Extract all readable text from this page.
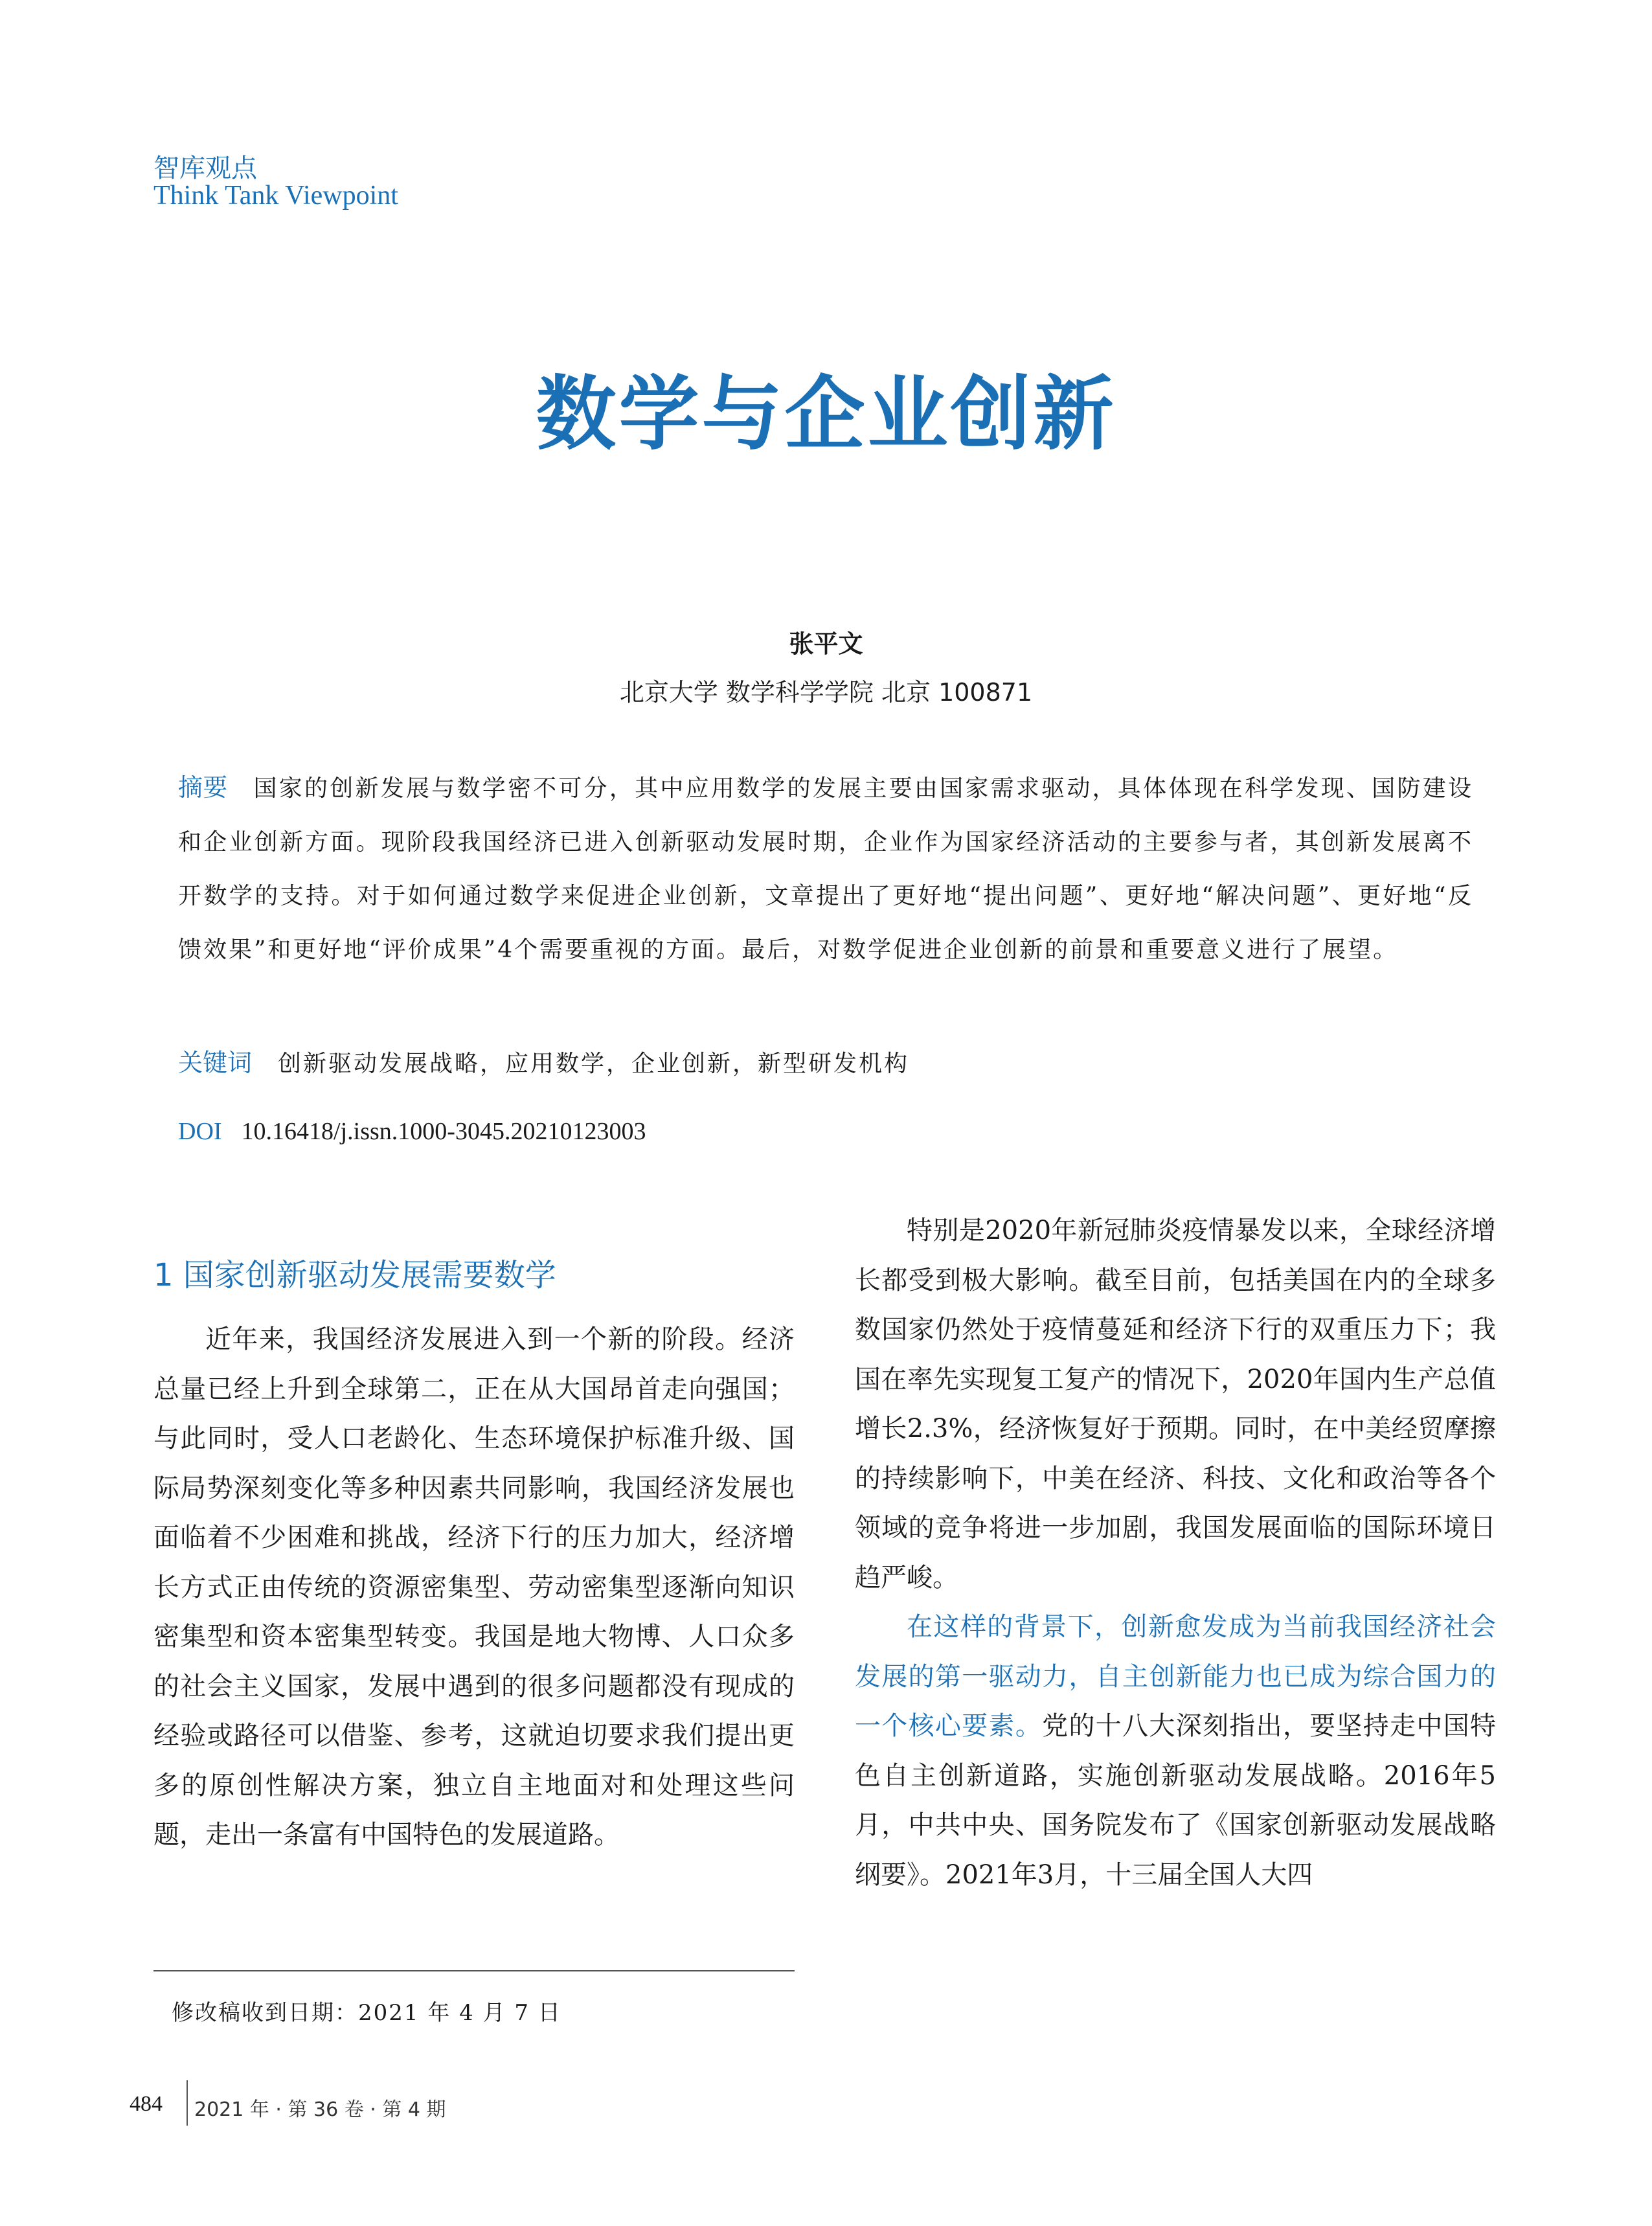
智库观点
Think Tank Viewpoint
数学与企业创新
张平文
北京大学 数学科学学院 北京 100871
摘要 国家的创新发展与数学密不可分，其中应用数学的发展主要由国家需求驱动，具体体现在科学发现、国防建设和企业创新方面。现阶段我国经济已进入创新驱动发展时期，企业作为国家经济活动的主要参与者，其创新发展离不开数学的支持。对于如何通过数学来促进企业创新，文章提出了更好地“提出问题”、更好地“解决问题”、更好地“反馈效果”和更好地“评价成果”4个需要重视的方面。最后，对数学促进企业创新的前景和重要意义进行了展望。
关键词 创新驱动发展战略，应用数学，企业创新，新型研发机构
DOI 10.16418/j.issn.1000-3045.20210123003
1 国家创新驱动发展需要数学

近年来，我国经济发展进入到一个新的阶段。经济总量已经上升到全球第二，正在从大国昂首走向强国；与此同时，受人口老龄化、生态环境保护标准升级、国际局势深刻变化等多种因素共同影响，我国经济发展也面临着不少困难和挑战，经济下行的压力加大，经济增长方式正由传统的资源密集型、劳动密集型逐渐向知识密集型和资本密集型转变。我国是地大物博、人口众多的社会主义国家，发展中遇到的很多问题都没有现成的经验或路径可以借鉴、参考，这就迫切要求我们提出更多的原创性解决方案，独立自主地面对和处理这些问题，走出一条富有中国特色的发展道路。

特别是2020年新冠肺炎疫情暴发以来，全球经济增长都受到极大影响。截至目前，包括美国在内的全球多数国家仍然处于疫情蔓延和经济下行的双重压力下；我国在率先实现复工复产的情况下，2020年国内生产总值增长2.3%，经济恢复好于预期。同时，在中美经贸摩擦的持续影响下，中美在经济、科技、文化和政治等各个领域的竞争将进一步加剧，我国发展面临的国际环境日趋严峻。

在这样的背景下，创新愈发成为当前我国经济社会发展的第一驱动力，自主创新能力也已成为综合国力的一个核心要素。党的十八大深刻指出，要坚持走中国特色自主创新道路，实施创新驱动发展战略。2016年5月，中共中央、国务院发布了《国家创新驱动发展战略纲要》。2021年3月，十三届全国人大四

修改稿收到日期：2021 年 4 月 7 日
484 2021 年 · 第 36 卷 · 第 4 期
